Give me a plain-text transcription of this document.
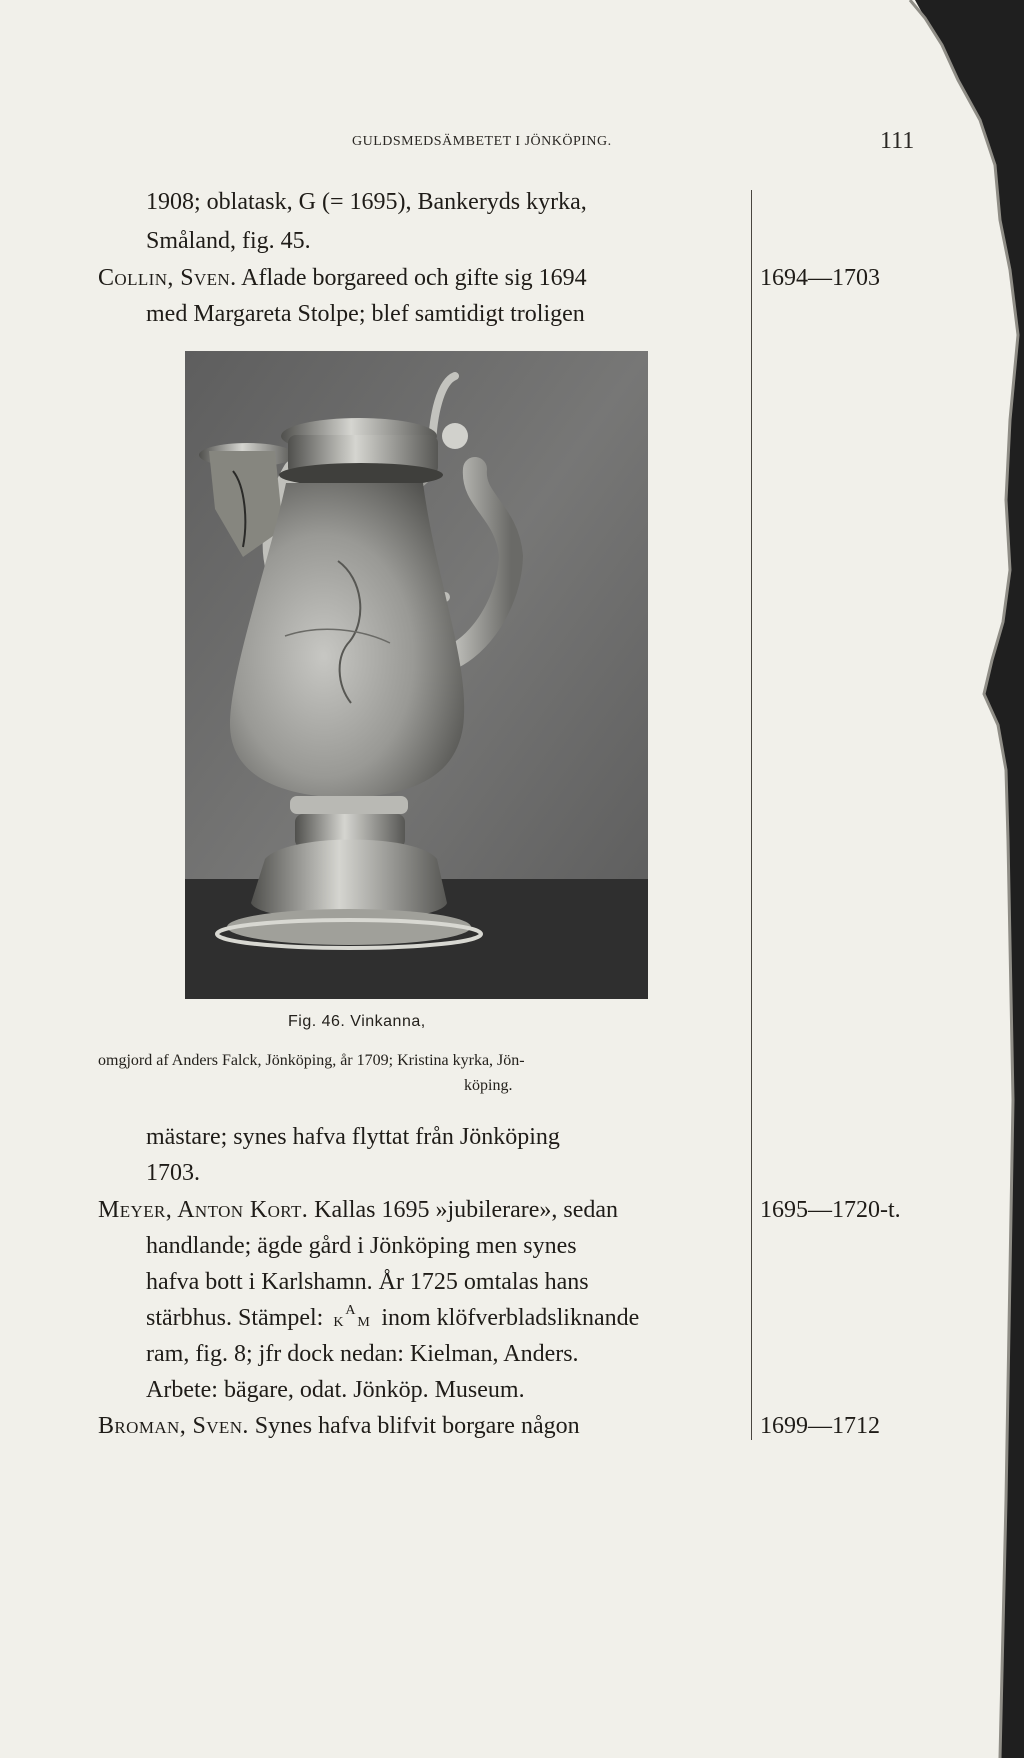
GULDSMEDSÄMBETET I JÖNKÖPING.	111
1908; oblatask, G (= 1695), Bankeryds kyrka,
Småland, fig. 45.
Collin, Sven. Aflade borgareed och gifte sig 1694	1694—1703
med Margareta Stolpe; blef samtidigt troligen
Fig. 46. Vinkanna,
omgjord af Anders Falck, Jönköping, år 1709; Kristina kyrka, Jön-
köping.
mästare; synes hafva flyttat från Jönköping
1703.
Meyer, Anton Kort. Kallas 1695 »jubilerare», sedan	1695—1720-t.
handlande; ägde gård i Jönköping men synes
hafva bott i Karlshamn. År 1725 omtalas hans
stärbhus. Stämpel: K
A
M inom klöfverbladsliknande
ram, fig. 8; jfr dock nedan: Kielman, Anders.
Arbete: bägare, odat. Jönköp. Museum.
Broman, Sven. Synes hafva blifvit borgare någon	1699—1712
